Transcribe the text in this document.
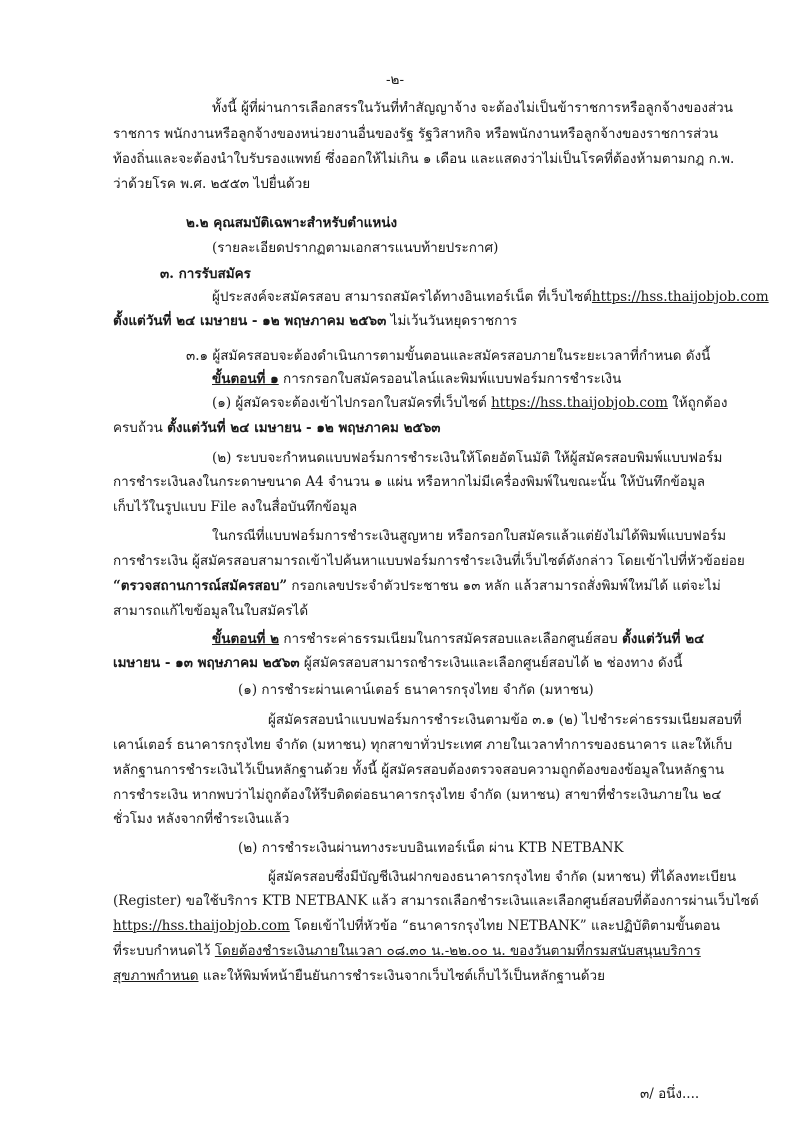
-๒-
ทั้งนี้ ผู้ที่ผ่านการเลือกสรรในวันที่ทำสัญญาจ้าง จะต้องไม่เป็นข้าราชการหรือลูกจ้างของส่วน
ราชการ พนักงานหรือลูกจ้างของหน่วยงานอื่นของรัฐ รัฐวิสาหกิจ หรือพนักงานหรือลูกจ้างของราชการส่วน
ท้องถิ่นและจะต้องนำใบรับรองแพทย์ ซึ่งออกให้ไม่เกิน ๑ เดือน และแสดงว่าไม่เป็นโรคที่ต้องห้ามตามกฎ ก.พ.
ว่าด้วยโรค พ.ศ. ๒๕๕๓ ไปยื่นด้วย
๒.๒ คุณสมบัติเฉพาะสำหรับตำแหน่ง
(รายละเอียดปรากฏตามเอกสารแนบท้ายประกาศ)
๓. การรับสมัคร
ผู้ประสงค์จะสมัครสอบ สามารถสมัครได้ทางอินเทอร์เน็ต ที่เว็บไซต์https://hss.thaijobjob.com
ตั้งแต่วันที่ ๒๔ เมษายน - ๑๒ พฤษภาคม ๒๕๖๓ ไม่เว้นวันหยุดราชการ
๓.๑ ผู้สมัครสอบจะต้องดำเนินการตามขั้นตอนและสมัครสอบภายในระยะเวลาที่กำหนด ดังนี้
ขั้นตอนที่ ๑ การกรอกใบสมัครออนไลน์และพิมพ์แบบฟอร์มการชำระเงิน
(๑) ผู้สมัครจะต้องเข้าไปกรอกใบสมัครที่เว็บไซต์ https://hss.thaijobjob.com ให้ถูกต้อง
ครบถ้วน ตั้งแต่วันที่ ๒๔ เมษายน - ๑๒ พฤษภาคม ๒๕๖๓
(๒) ระบบจะกำหนดแบบฟอร์มการชำระเงินให้โดยอัตโนมัติ ให้ผู้สมัครสอบพิมพ์แบบฟอร์ม
การชำระเงินลงในกระดาษขนาด A4 จำนวน ๑ แผ่น หรือหากไม่มีเครื่องพิมพ์ในขณะนั้น ให้บันทึกข้อมูล
เก็บไว้ในรูปแบบ File ลงในสื่อบันทึกข้อมูล
ในกรณีที่แบบฟอร์มการชำระเงินสูญหาย หรือกรอกใบสมัครแล้วแต่ยังไม่ได้พิมพ์แบบฟอร์ม
การชำระเงิน ผู้สมัครสอบสามารถเข้าไปค้นหาแบบฟอร์มการชำระเงินที่เว็บไซต์ดังกล่าว โดยเข้าไปที่หัวข้อย่อย
“ตรวจสถานการณ์สมัครสอบ” กรอกเลขประจำตัวประชาชน ๑๓ หลัก แล้วสามารถสั่งพิมพ์ใหม่ได้ แต่จะไม่
สามารถแก้ไขข้อมูลในใบสมัครได้
ขั้นตอนที่ ๒ การชำระค่าธรรมเนียมในการสมัครสอบและเลือกศูนย์สอบ ตั้งแต่วันที่ ๒๔
เมษายน - ๑๓ พฤษภาคม ๒๕๖๓ ผู้สมัครสอบสามารถชำระเงินและเลือกศูนย์สอบได้ ๒ ช่องทาง ดังนี้
(๑) การชำระผ่านเคาน์เตอร์ ธนาคารกรุงไทย จำกัด (มหาชน)
ผู้สมัครสอบนำแบบฟอร์มการชำระเงินตามข้อ ๓.๑ (๒) ไปชำระค่าธรรมเนียมสอบที่
เคาน์เตอร์ ธนาคารกรุงไทย จำกัด (มหาชน) ทุกสาขาทั่วประเทศ ภายในเวลาทำการของธนาคาร และให้เก็บ
หลักฐานการชำระเงินไว้เป็นหลักฐานด้วย ทั้งนี้ ผู้สมัครสอบต้องตรวจสอบความถูกต้องของข้อมูลในหลักฐาน
การชำระเงิน หากพบว่าไม่ถูกต้องให้รีบติดต่อธนาคารกรุงไทย จำกัด (มหาชน) สาขาที่ชำระเงินภายใน ๒๔
ชั่วโมง หลังจากที่ชำระเงินแล้ว
(๒) การชำระเงินผ่านทางระบบอินเทอร์เน็ต ผ่าน KTB NETBANK
ผู้สมัครสอบซึ่งมีบัญชีเงินฝากของธนาคารกรุงไทย จำกัด (มหาชน) ที่ได้ลงทะเบียน
(Register) ขอใช้บริการ KTB NETBANK แล้ว สามารถเลือกชำระเงินและเลือกศูนย์สอบที่ต้องการผ่านเว็บไซต์
https://hss.thaijobjob.com โดยเข้าไปที่หัวข้อ “ธนาคารกรุงไทย NETBANK” และปฏิบัติตามขั้นตอน
ที่ระบบกำหนดไว้ โดยต้องชำระเงินภายในเวลา ๐๘.๓๐ น.-๒๒.๐๐ น. ของวันตามที่กรมสนับสนุนบริการ
สุขภาพกำหนด และให้พิมพ์หน้ายืนยันการชำระเงินจากเว็บไซต์เก็บไว้เป็นหลักฐานด้วย
๓/ อนึ่ง....
